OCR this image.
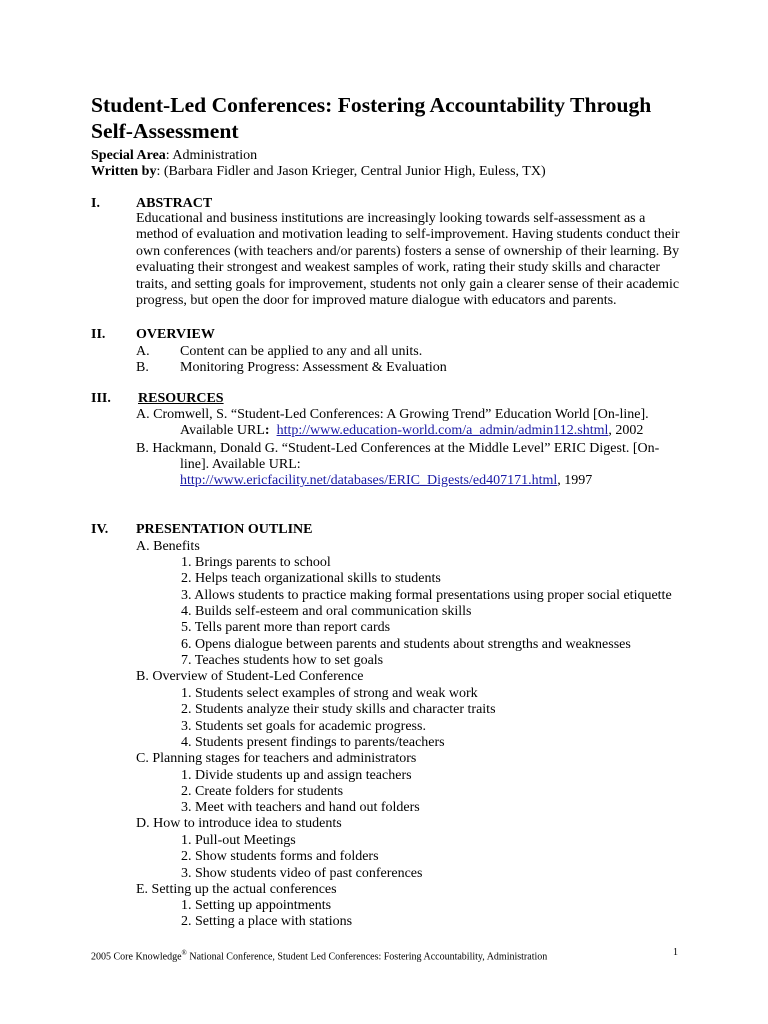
Student-Led Conferences: Fostering Accountability Through Self-Assessment
Special Area: Administration
Written by: (Barbara Fidler and Jason Krieger, Central Junior High, Euless, TX)
I.	ABSTRACT
Educational and business institutions are increasingly looking towards self-assessment as a method of evaluation and motivation leading to self-improvement. Having students conduct their own conferences (with teachers and/or parents) fosters a sense of ownership of their learning. By evaluating their strongest and weakest samples of work, rating their study skills and character traits, and setting goals for improvement, students not only gain a clearer sense of their academic progress, but open the door for improved mature dialogue with educators and parents.
II. OVERVIEW
A. Content can be applied to any and all units.
B. Monitoring Progress: Assessment & Evaluation
III. RESOURCES
A. Cromwell, S. “Student-Led Conferences: A Growing Trend” Education World [On-line].
Available URL: http://www.education-world.com/a_admin/admin112.shtml, 2002
B. Hackmann, Donald G. “Student-Led Conferences at the Middle Level” ERIC Digest. [On-
line]. Available URL:
http://www.ericfacility.net/databases/ERIC_Digests/ed407171.html, 1997
IV. PRESENTATION OUTLINE
A. Benefits
1. Brings parents to school
2. Helps teach organizational skills to students
3. Allows students to practice making formal presentations using proper social etiquette
4. Builds self-esteem and oral communication skills
5. Tells parent more than report cards
6. Opens dialogue between parents and students about strengths and weaknesses
7. Teaches students how to set goals
B. Overview of Student-Led Conference
1. Students select examples of strong and weak work
2. Students analyze their study skills and character traits
3. Students set goals for academic progress.
4. Students present findings to parents/teachers
C. Planning stages for teachers and administrators
1. Divide students up and assign teachers
2. Create folders for students
3. Meet with teachers and hand out folders
D. How to introduce idea to students
1. Pull-out Meetings
2. Show students forms and folders
3. Show students video of past conferences
E. Setting up the actual conferences
1. Setting up appointments
2. Setting a place with stations
2005 Core Knowledge® National Conference, Student Led Conferences: Fostering Accountability, Administration	1
